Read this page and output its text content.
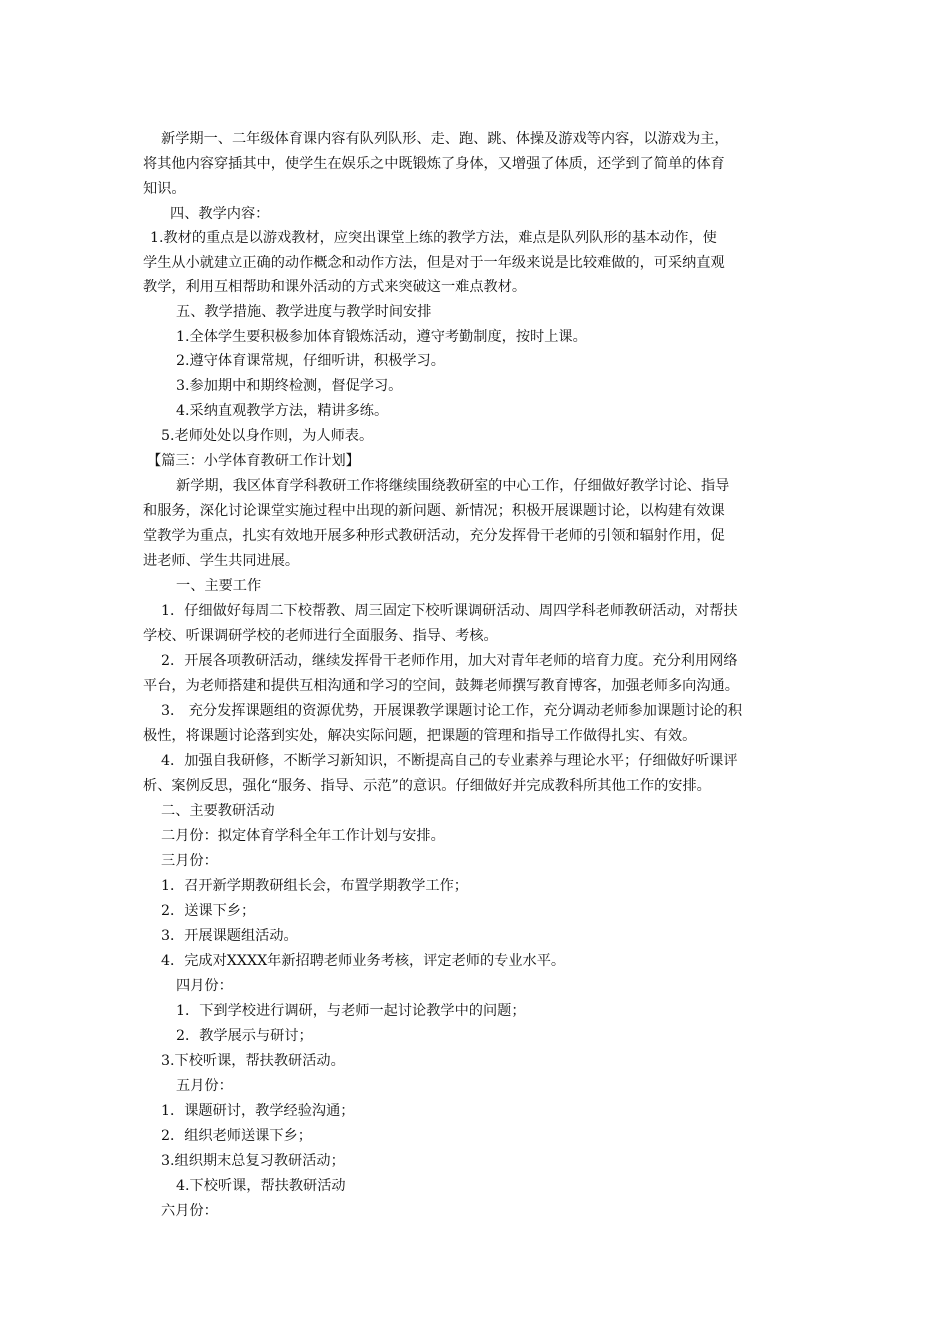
新学期一、二年级体育课内容有队列队形、走、跑、跳、体操及游戏等内容，以游戏为主，
将其他内容穿插其中，使学生在娱乐之中既锻炼了身体，又增强了体质，还学到了简单的体育
知识。
四、教学内容：
1.教材的重点是以游戏教材，应突出课堂上练的教学方法，难点是队列队形的基本动作，使
学生从小就建立正确的动作概念和动作方法，但是对于一年级来说是比较难做的，可采纳直观
教学，利用互相帮助和课外活动的方式来突破这一难点教材。
五、教学措施、教学进度与教学时间安排
1.全体学生要积极参加体育锻炼活动，遵守考勤制度，按时上课。
2.遵守体育课常规，仔细听讲，积极学习。
3.参加期中和期终检测，督促学习。
4.采纳直观教学方法，精讲多练。
5.老师处处以身作则，为人师表。
【篇三：小学体育教研工作计划】
新学期，我区体育学科教研工作将继续围绕教研室的中心工作，仔细做好教学讨论、指导
和服务，深化讨论课堂实施过程中出现的新问题、新情况；积极开展课题讨论，以构建有效课
堂教学为重点，扎实有效地开展多种形式教研活动，充分发挥骨干老师的引领和辐射作用，促
进老师、学生共同进展。
一、主要工作
1．仔细做好每周二下校帮教、周三固定下校听课调研活动、周四学科老师教研活动，对帮扶
学校、听课调研学校的老师进行全面服务、指导、考核。
2．开展各项教研活动，继续发挥骨干老师作用，加大对青年老师的培育力度。充分利用网络
平台，为老师搭建和提供互相沟通和学习的空间，鼓舞老师撰写教育博客，加强老师多向沟通。
3． 充分发挥课题组的资源优势，开展课教学课题讨论工作，充分调动老师参加课题讨论的积
极性，将课题讨论落到实处，解决实际问题，把课题的管理和指导工作做得扎实、有效。
4．加强自我研修，不断学习新知识，不断提高自己的专业素养与理论水平；仔细做好听课评
析、案例反思，强化“服务、指导、示范”的意识。仔细做好并完成教科所其他工作的安排。
二、主要教研活动
二月份：拟定体育学科全年工作计划与安排。
三月份：
1．召开新学期教研组长会，布置学期教学工作；
2．送课下乡；
3．开展课题组活动。
4．完成对XXXX年新招聘老师业务考核，评定老师的专业水平。
四月份：
1．下到学校进行调研，与老师一起讨论教学中的问题；
2．教学展示与研讨；
3.下校听课，帮扶教研活动。
五月份：
1．课题研讨，教学经验沟通；
2．组织老师送课下乡；
3.组织期末总复习教研活动；
4.下校听课，帮扶教研活动
六月份：
